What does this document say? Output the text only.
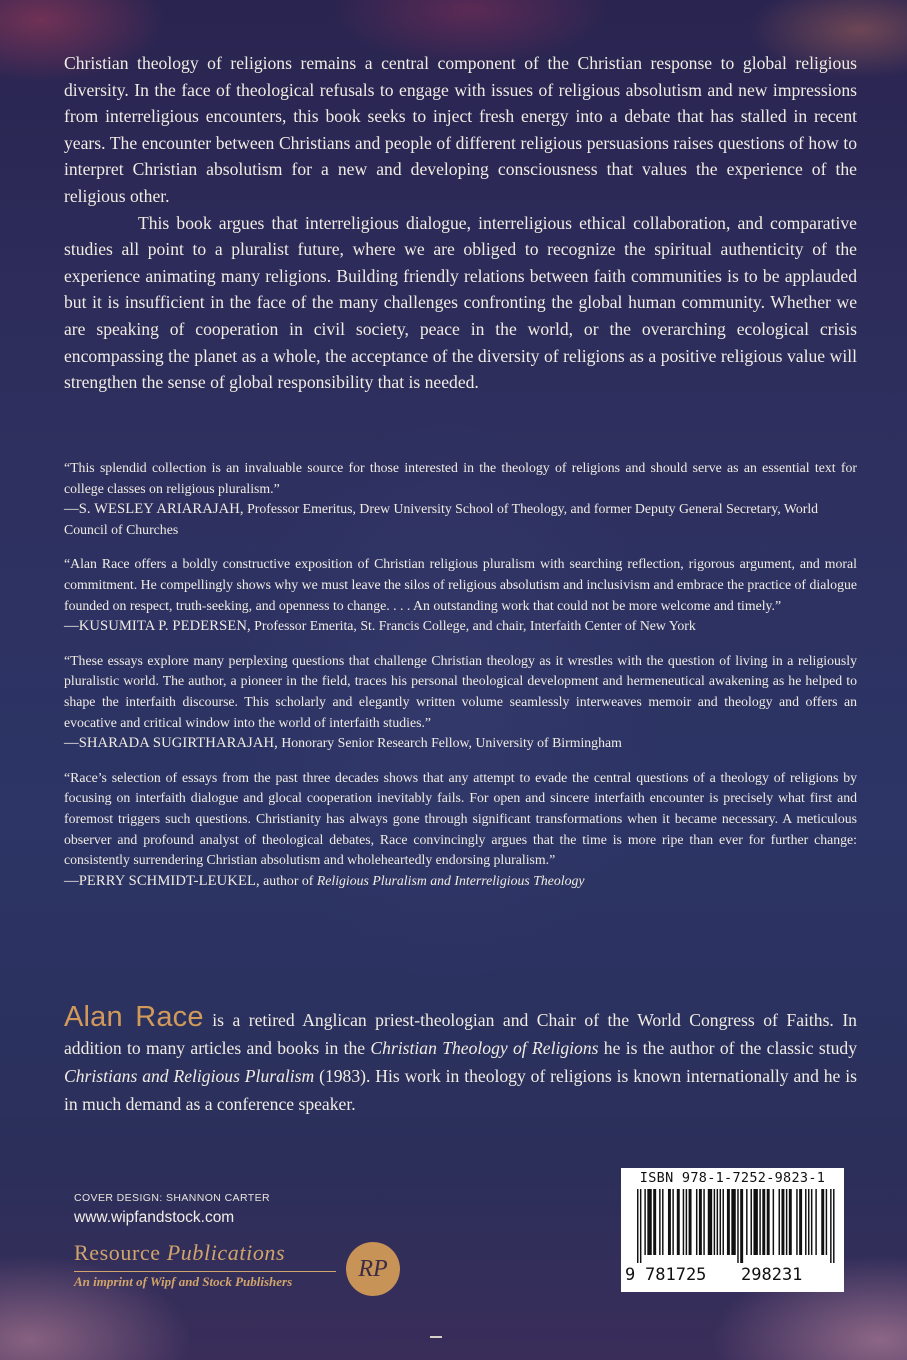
Christian theology of religions remains a central component of the Christian response to global religious diversity. In the face of theological refusals to engage with issues of religious absolutism and new impressions from interreligious encounters, this book seeks to inject fresh energy into a debate that has stalled in recent years. The encounter between Christians and people of different religious persuasions raises questions of how to interpret Christian absolutism for a new and developing consciousness that values the experience of the religious other.

This book argues that interreligious dialogue, interreligious ethical collaboration, and comparative studies all point to a pluralist future, where we are obliged to recognize the spiritual authenticity of the experience animating many religions. Building friendly relations between faith communities is to be applauded but it is insufficient in the face of the many challenges confronting the global human community. Whether we are speaking of cooperation in civil society, peace in the world, or the overarching ecological crisis encompassing the planet as a whole, the acceptance of the diversity of religions as a positive religious value will strengthen the sense of global responsibility that is needed.

“This splendid collection is an invaluable source for those interested in the theology of religions and should serve as an essential text for college classes on religious pluralism.”
—S. WESLEY ARIARAJAH, Professor Emeritus, Drew University School of Theology, and former Deputy General Secretary, World Council of Churches
“Alan Race offers a boldly constructive exposition of Christian religious pluralism with searching reflection, rigorous argument, and moral commitment. He compellingly shows why we must leave the silos of religious absolutism and inclusivism and embrace the practice of dialogue founded on respect, truth-seeking, and openness to change. . . . An outstanding work that could not be more welcome and timely.”
—KUSUMITA P. PEDERSEN, Professor Emerita, St. Francis College, and chair, Interfaith Center of New York
“These essays explore many perplexing questions that challenge Christian theology as it wrestles with the question of living in a religiously pluralistic world. The author, a pioneer in the field, traces his personal theological development and hermeneutical awakening as he helped to shape the interfaith discourse. This scholarly and elegantly written volume seamlessly interweaves memoir and theology and offers an evocative and critical window into the world of interfaith studies.”
—SHARADA SUGIRTHARAJAH, Honorary Senior Research Fellow, University of Birmingham
“Race’s selection of essays from the past three decades shows that any attempt to evade the central questions of a theology of religions by focusing on interfaith dialogue and glocal cooperation inevitably fails. For open and sincere interfaith encounter is precisely what first and foremost triggers such questions. Christianity has always gone through significant transformations when it became necessary. A meticulous observer and profound analyst of theological debates, Race convincingly argues that the time is more ripe than ever for further change: consistently surrendering Christian absolutism and wholeheartedly endorsing pluralism.”
—PERRY SCHMIDT-LEUKEL, author of Religious Pluralism and Interreligious Theology
Alan Race is a retired Anglican priest-theologian and Chair of the World Congress of Faiths. In addition to many articles and books in the Christian Theology of Religions he is the author of the classic study Christians and Religious Pluralism (1983). His work in theology of religions is known internationally and he is in much demand as a conference speaker.
COVER DESIGN: SHANNON CARTER
www.wipfandstock.com
Resource Publications
An imprint of Wipf and Stock Publishers	RP
ISBN 978-1-7252-9823-1
9 781725 298231
